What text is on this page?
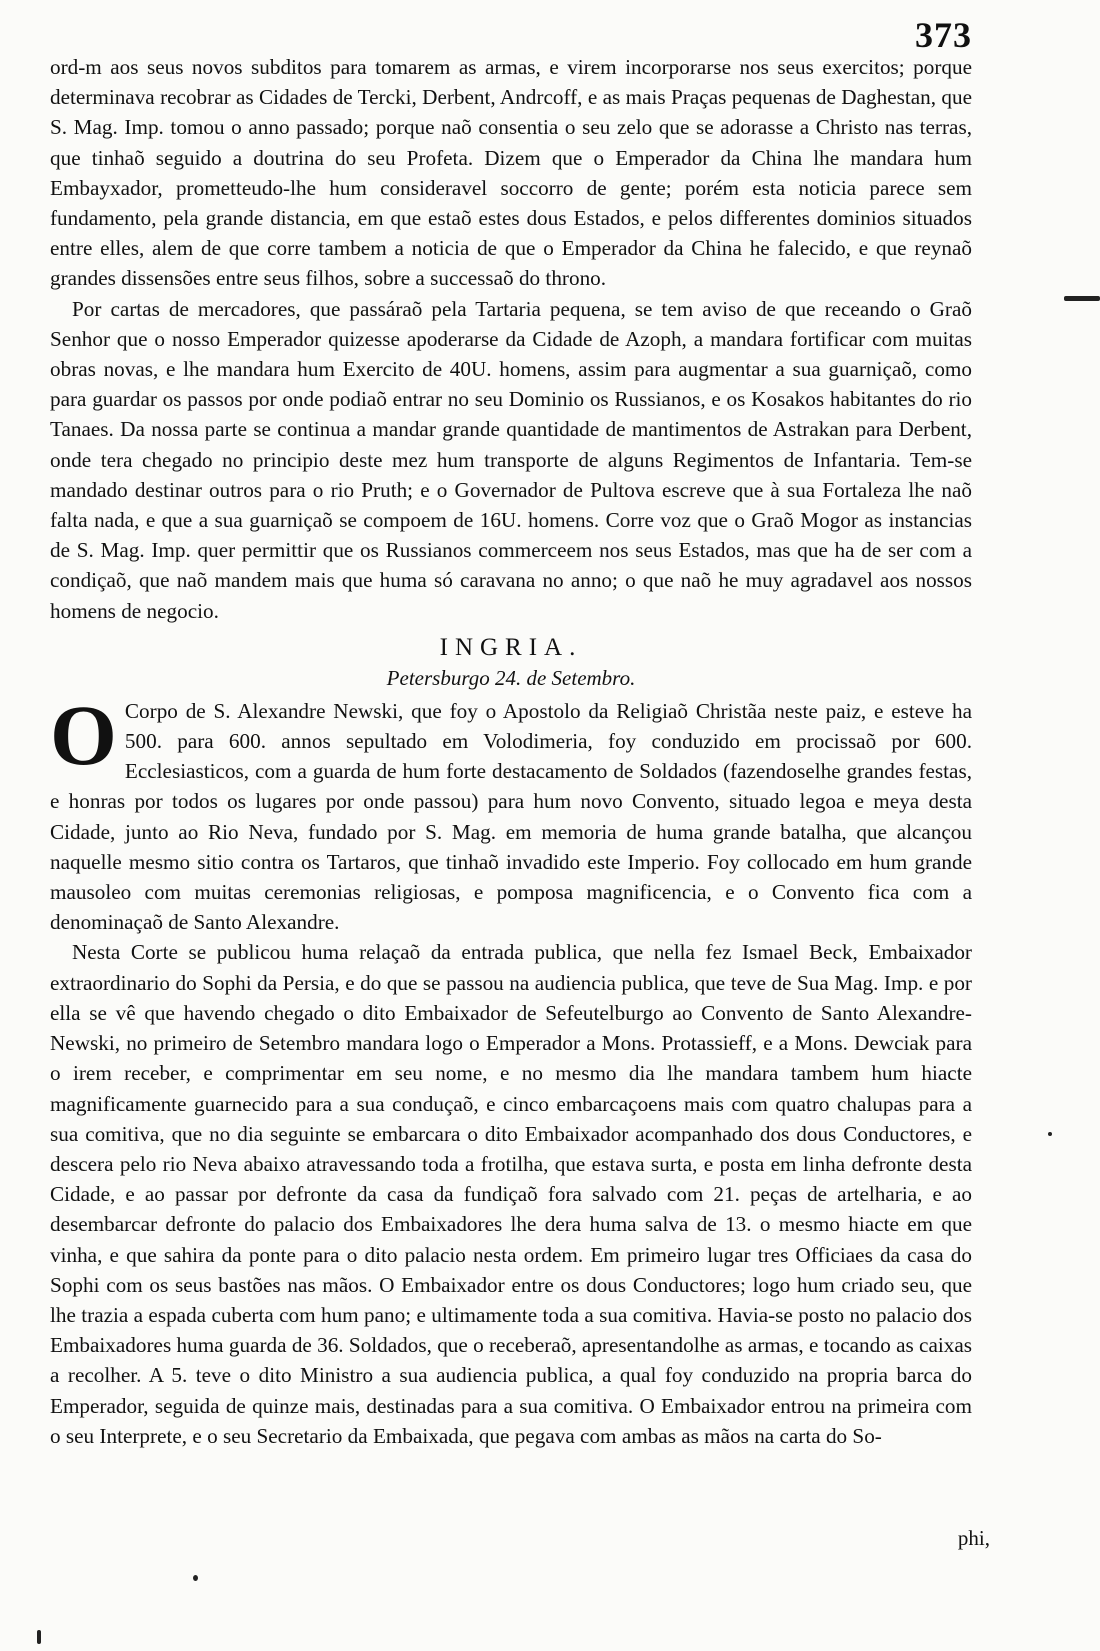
373

ord-m aos seus novos subditos para tomarem as armas, e virem incorporarse nos seus exercitos; porque determinava recobrar as Cidades de Tercki, Derbent, Andrcoff, e as mais Praças pequenas de Daghestan, que S. Mag. Imp. tomou o anno passado; porque naõ consentia o seu zelo que se adorasse a Christo nas terras, que tinhaõ seguido a doutrina do seu Profeta. Dizem que o Emperador da China lhe mandara hum Embayxador, prometteudo-lhe hum consideravel soccorro de gente; porém esta noticia parece sem fundamento, pela grande distancia, em que estaõ estes dous Estados, e pelos differentes dominios situados entre elles, alem de que corre tambem a noticia de que o Emperador da China he falecido, e que reynaõ grandes dissensões entre seus filhos, sobre a successaõ do throno.

Por cartas de mercadores, que passáraõ pela Tartaria pequena, se tem aviso de que receando o Graõ Senhor que o nosso Emperador quizesse apoderarse da Cidade de Azoph, a mandara fortificar com muitas obras novas, e lhe mandara hum Exercito de 40U. homens, assim para augmentar a sua guarniçaõ, como para guardar os passos por onde podiaõ entrar no seu Dominio os Russianos, e os Kosakos habitantes do rio Tanaes. Da nossa parte se continua a mandar grande quantidade de mantimentos de Astrakan para Derbent, onde tera chegado no principio deste mez hum transporte de alguns Regimentos de Infantaria. Tem-se mandado destinar outros para o rio Pruth; e o Governador de Pultova escreve que à sua Fortaleza lhe naõ falta nada, e que a sua guarniçaõ se compoem de 16U. homens. Corre voz que o Graõ Mogor as instancias de S. Mag. Imp. quer permittir que os Russianos commerceem nos seus Estados, mas que ha de ser com a condiçaõ, que naõ mandem mais que huma só caravana no anno; o que naõ he muy agradavel aos nossos homens de negocio.

INGRIA.

Petersburgo 24. de Setembro.

O Corpo de S. Alexandre Newski, que foy o Apostolo da Religiaõ Christãa neste paiz, e esteve ha 500. para 600. annos sepultado em Volodimeria, foy conduzido em procissaõ por 600. Ecclesiasticos, com a guarda de hum forte destacamento de Soldados (fazendoselhe grandes festas, e honras por todos os lugares por onde passou) para hum novo Convento, situado legoa e meya desta Cidade, junto ao Rio Neva, fundado por S. Mag. em memoria de huma grande batalha, que alcançou naquelle mesmo sitio contra os Tartaros, que tinhaõ invadido este Imperio. Foy collocado em hum grande mausoleo com muitas ceremonias religiosas, e pomposa magnificencia, e o Convento fica com a denominaçaõ de Santo Alexandre.

Nesta Corte se publicou huma relaçaõ da entrada publica, que nella fez Ismael Beck, Embaixador extraordinario do Sophi da Persia, e do que se passou na audiencia publica, que teve de Sua Mag. Imp. e por ella se vê que havendo chegado o dito Embaixador de Sefeutelburgo ao Convento de Santo Alexandre-Newski, no primeiro de Setembro mandara logo o Emperador a Mons. Protassieff, e a Mons. Dewciak para o irem receber, e comprimentar em seu nome, e no mesmo dia lhe mandara tambem hum hiacte magnificamente guarnecido para a sua conduçaõ, e cinco embarcaçoens mais com quatro chalupas para a sua comitiva, que no dia seguinte se embarcara o dito Embaixador acompanhado dos dous Conductores, e descera pelo rio Neva abaixo atravessando toda a frotilha, que estava surta, e posta em linha defronte desta Cidade, e ao passar por defronte da casa da fundiçaõ fora salvado com 21. peças de artelharia, e ao desembarcar defronte do palacio dos Embaixadores lhe dera huma salva de 13. o mesmo hiacte em que vinha, e que sahira da ponte para o dito palacio nesta ordem. Em primeiro lugar tres Officiaes da casa do Sophi com os seus bastões nas mãos. O Embaixador entre os dous Conductores; logo hum criado seu, que lhe trazia a espada cuberta com hum pano; e ultimamente toda a sua comitiva. Havia-se posto no palacio dos Embaixadores huma guarda de 36. Soldados, que o receberaõ, apresentandolhe as armas, e tocando as caixas a recolher. A 5. teve o dito Ministro a sua audiencia publica, a qual foy conduzido na propria barca do Emperador, seguida de quinze mais, destinadas para a sua comitiva. O Embaixador entrou na primeira com o seu Interprete, e o seu Secretario da Embaixada, que pegava com ambas as mãos na carta do So-

phi,
